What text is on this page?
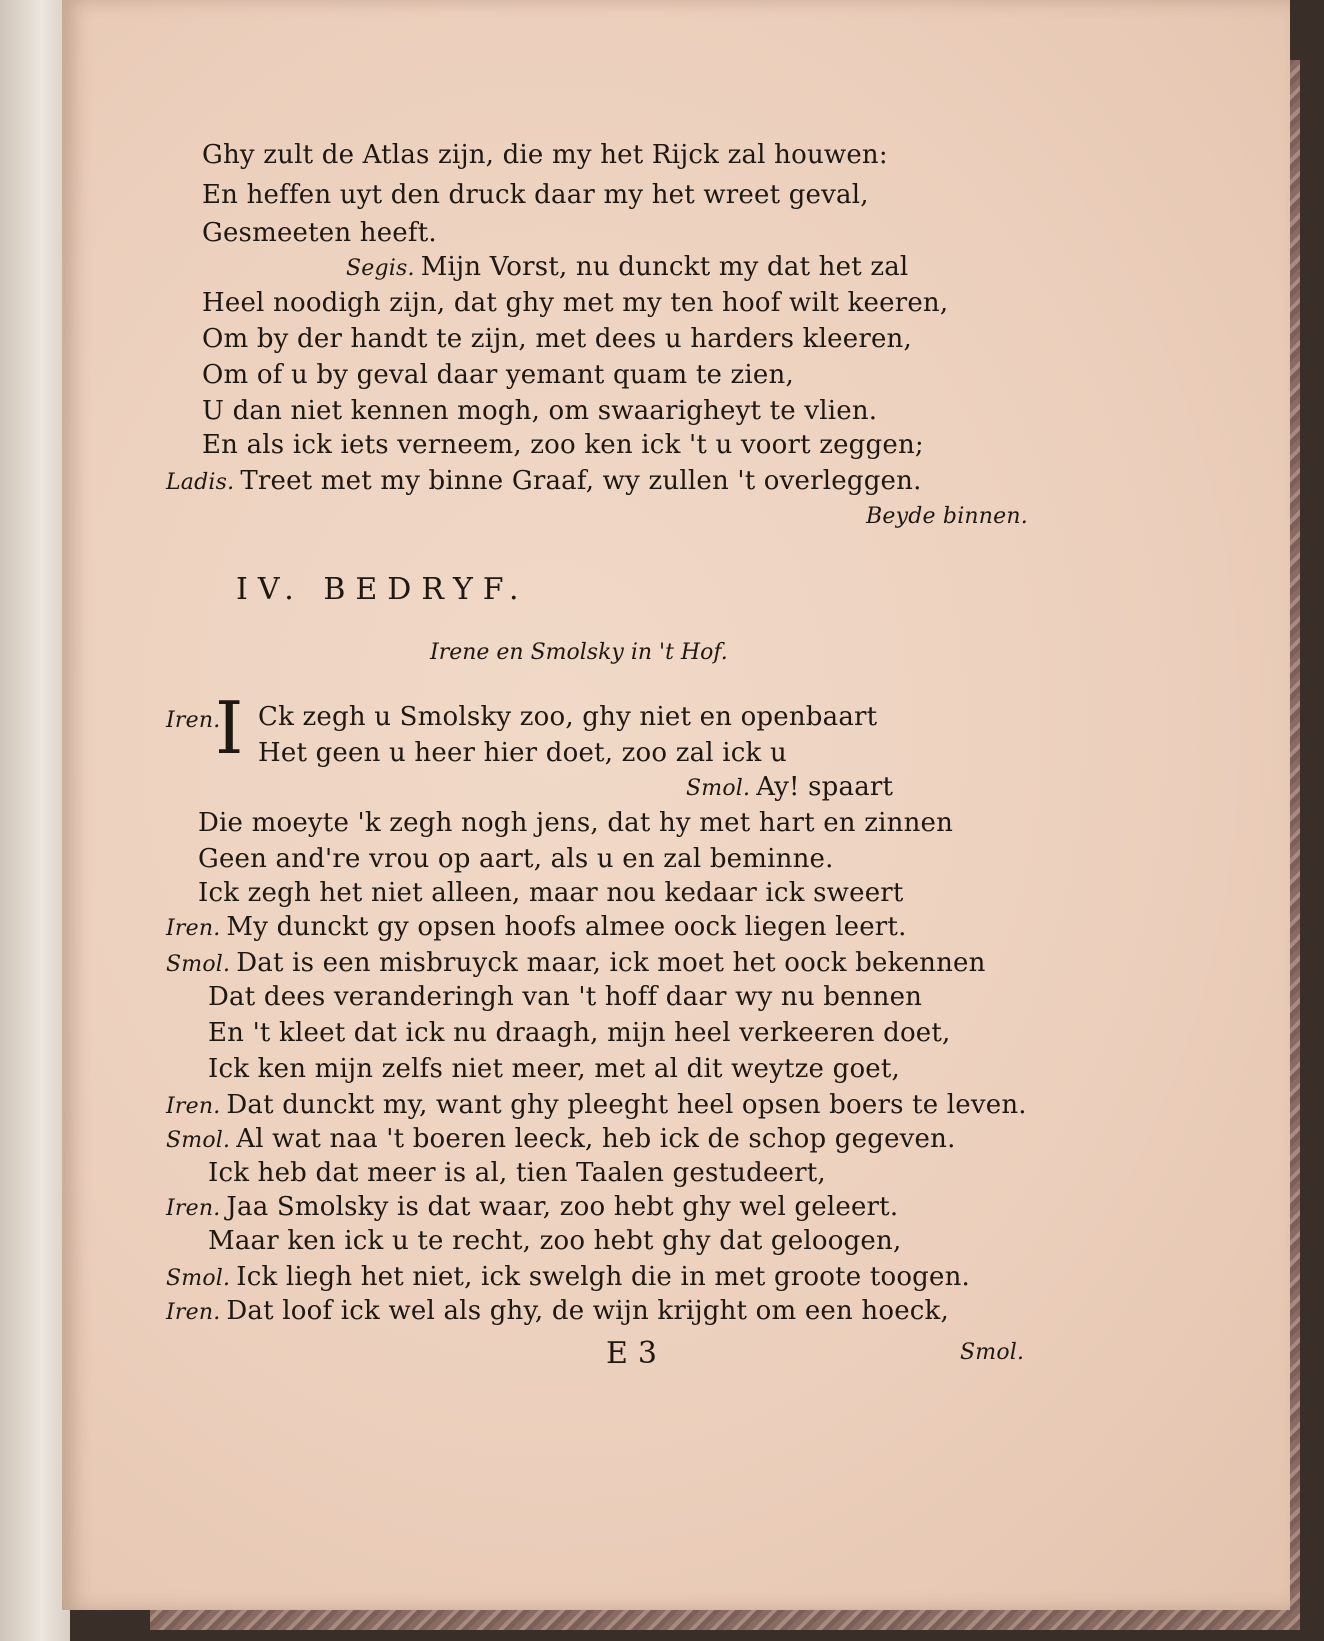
Ghy zult de Atlas zijn, die my het Rijck zal houwen:
En heffen uyt den druck daar my het wreet geval,
Gesmeeten heeft.
Segis. Mijn Vorst, nu dunckt my dat het zal
Heel noodigh zijn, dat ghy met my ten hoof wilt keeren,
Om by der handt te zijn, met dees u harders kleeren,
Om of u by geval daar yemant quam te zien,
U dan niet kennen mogh, om swaarigheyt te vlien.
En als ick iets verneem, zoo ken ick 't u voort zeggen;
Ladis. Treet met my binne Graaf, wy zullen 't overleggen.
Beyde binnen.
IV. BEDRYF.
Irene en Smolsky in 't Hof.
Iren.
I Ck zegh u Smolsky zoo, ghy niet en openbaart
Het geen u heer hier doet, zoo zal ick u
Smol. Ay! spaart
Die moeyte 'k zegh nogh jens, dat hy met hart en zinnen
Geen and're vrou op aart, als u en zal beminne.
Ick zegh het niet alleen, maar nou kedaar ick sweert
Iren. My dunckt gy opsen hoofs almee oock liegen leert.
Smol. Dat is een misbruyck maar, ick moet het oock bekennen
Dat dees veranderingh van 't hoff daar wy nu bennen
En 't kleet dat ick nu draagh, mijn heel verkeeren doet,
Ick ken mijn zelfs niet meer, met al dit weytze goet,
Iren. Dat dunckt my, want ghy pleeght heel opsen boers te leven.
Smol. Al wat naa 't boeren leeck, heb ick de schop gegeven.
Ick heb dat meer is al, tien Taalen gestudeert,
Iren. Jaa Smolsky is dat waar, zoo hebt ghy wel geleert.
Maar ken ick u te recht, zoo hebt ghy dat geloogen,
Smol. Ick liegh het niet, ick swelgh die in met groote toogen.
Iren. Dat loof ick wel als ghy, de wijn krijght om een hoeck,
E 3	Smol.
